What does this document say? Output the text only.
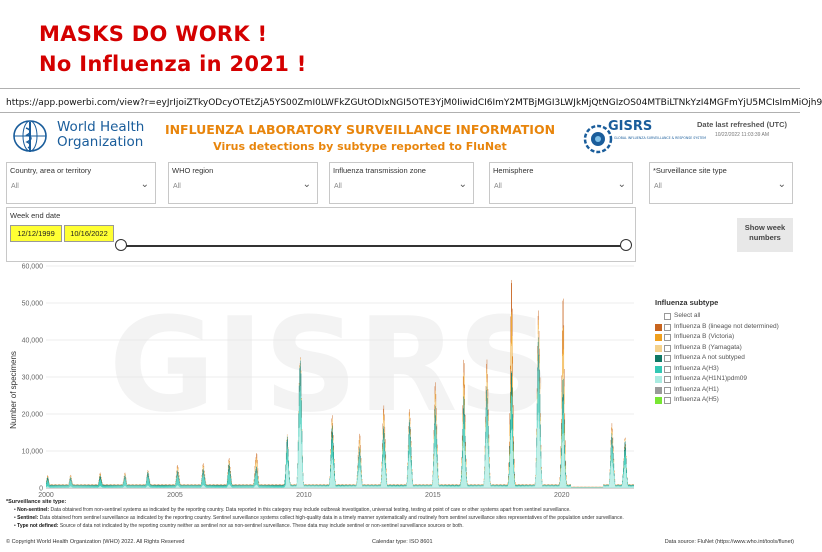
MASKS DO WORK !
No Influenza in 2021 !
https://app.powerbi.com/view?r=eyJrIjoiZTkyODcyOTEtZjA5YS00ZmI0LWFkZGUtODIxNGI5OTE3YjM0IiwidCI6ImY2MTBjMGI3LWJkMjQtNGIzOS04MTBiLTNkYzI4MGFmYjU5MCIsImMiOjh9
World Health
Organization
INFLUENZA LABORATORY SURVEILLANCE INFORMATION
Virus detections by subtype reported to FluNet
GISRS
GLOBAL INFLUENZA SURVEILLANCE & RESPONSE SYSTEM
Date last refreshed (UTC)
10/22/2022 11:03:39 AM
Country, area or territory
All	⌄
WHO region
All	⌄
Influenza transmission zone
All	⌄
Hemisphere
All	⌄
*Surveillance site type
All	⌄
Week end date
12/12/1999	10/16/2022
Show week numbers
GISRS
0
10,000
20,000
30,000
40,000
50,000
60,000
2000	2005	2010	2015	2020
Number of specimens
Influenza subtype
Select all
Influenza B (lineage not determined)
Influenza B (Victoria)
Influenza B (Yamagata)
Influenza A not subtyped
Influenza A(H3)
Influenza A(H1N1)pdm09
Influenza A(H1)
Influenza A(H5)
*Surveillance site type:
• Non-sentinel: Data obtained from non-sentinel systems as indicated by the reporting country. Data reported in this category may include outbreak investigation, universal testing, testing at point of care or other systems apart from sentinel surveillance.
• Sentinel: Data obtained from sentinel surveillance as indicated by the reporting country. Sentinel surveillance systems collect high-quality data in a timely manner systematically and routinely from sentinel surveillance sites representatives of the population under surveillance.
• Type not defined: Source of data not indicated by the reporting country neither as sentinel nor as non-sentinel surveillance. These data may include sentinel or non-sentinel surveillance sources or both.
© Copyright World Health Organization (WHO) 2022. All Rights Reserved	Calendar type: ISO 8601	Data source: FluNet (https://www.who.int/tools/flunet)
